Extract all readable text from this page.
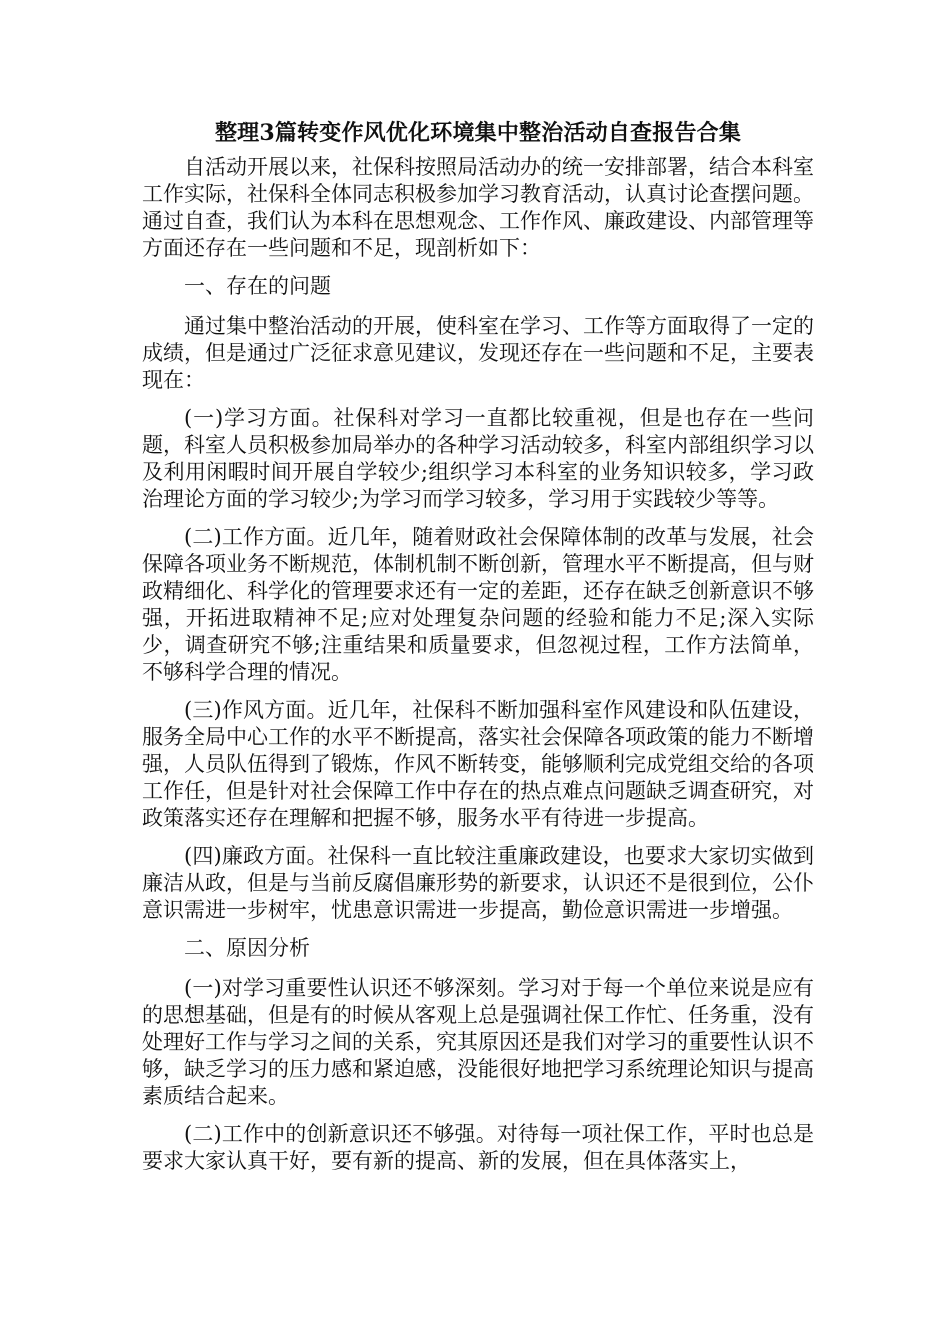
整理3篇转变作风优化环境集中整治活动自查报告合集

自活动开展以来，社保科按照局活动办的统一安排部署，结合本科室工作实际，社保科全体同志积极参加学习教育活动，认真讨论查摆问题。通过自查，我们认为本科在思想观念、工作作风、廉政建设、内部管理等方面还存在一些问题和不足，现剖析如下：

一、存在的问题

通过集中整治活动的开展，使科室在学习、工作等方面取得了一定的成绩，但是通过广泛征求意见建议，发现还存在一些问题和不足，主要表现在：

(一)学习方面。社保科对学习一直都比较重视，但是也存在一些问题，科室人员积极参加局举办的各种学习活动较多，科室内部组织学习以及利用闲暇时间开展自学较少;组织学习本科室的业务知识较多，学习政治理论方面的学习较少;为学习而学习较多，学习用于实践较少等等。

(二)工作方面。近几年，随着财政社会保障体制的改革与发展，社会保障各项业务不断规范，体制机制不断创新，管理水平不断提高，但与财政精细化、科学化的管理要求还有一定的差距，还存在缺乏创新意识不够强，开拓进取精神不足;应对处理复杂问题的经验和能力不足;深入实际少，调查研究不够;注重结果和质量要求，但忽视过程，工作方法简单，不够科学合理的情况。

(三)作风方面。近几年，社保科不断加强科室作风建设和队伍建设，服务全局中心工作的水平不断提高，落实社会保障各项政策的能力不断增强，人员队伍得到了锻炼，作风不断转变，能够顺利完成党组交给的各项工作任，但是针对社会保障工作中存在的热点难点问题缺乏调查研究，对政策落实还存在理解和把握不够，服务水平有待进一步提高。

(四)廉政方面。社保科一直比较注重廉政建设，也要求大家切实做到廉洁从政，但是与当前反腐倡廉形势的新要求，认识还不是很到位，公仆意识需进一步树牢，忧患意识需进一步提高，勤俭意识需进一步增强。

二、原因分析

(一)对学习重要性认识还不够深刻。学习对于每一个单位来说是应有的思想基础，但是有的时候从客观上总是强调社保工作忙、任务重，没有处理好工作与学习之间的关系，究其原因还是我们对学习的重要性认识不够，缺乏学习的压力感和紧迫感，没能很好地把学习系统理论知识与提高素质结合起来。

(二)工作中的创新意识还不够强。对待每一项社保工作，平时也总是要求大家认真干好，要有新的提高、新的发展，但在具体落实上，
